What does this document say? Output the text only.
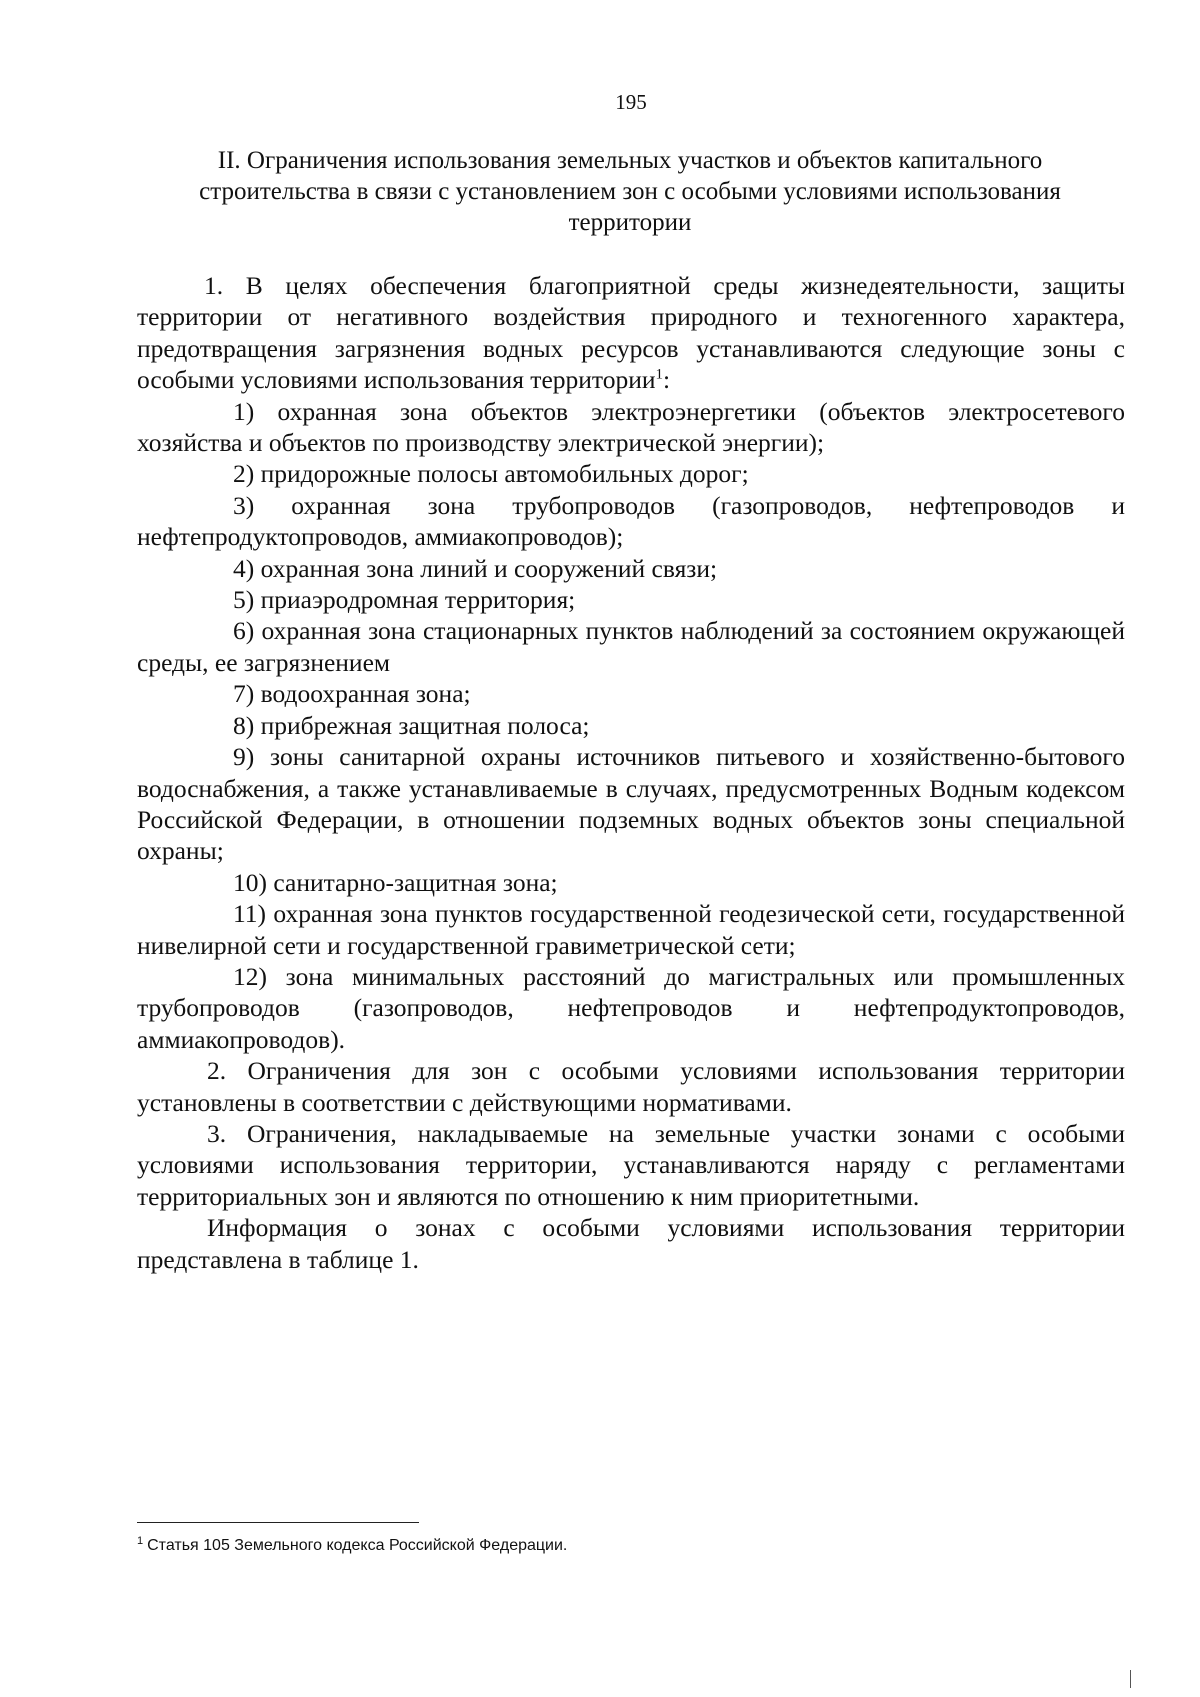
195
II. Ограничения использования земельных участков и объектов капитального строительства в связи с установлением зон с особыми условиями использования территории

1. В целях обеспечения благоприятной среды жизнедеятельности, защиты территории от негативного воздействия природного и техногенного характера, предотвращения загрязнения водных ресурсов устанавливаются следующие зоны с особыми условиями использования территории$^1$:

1) охранная зона объектов электроэнергетики (объектов электросетевого хозяйства и объектов по производству электрической энергии);

2) придорожные полосы автомобильных дорог;

3) охранная зона трубопроводов (газопроводов, нефтепроводов и нефтепродуктопроводов, аммиакопроводов);

4) охранная зона линий и сооружений связи;

5) приаэродромная территория;

6) охранная зона стационарных пунктов наблюдений за состоянием окружающей среды, ее загрязнением

7) водоохранная зона;

8) прибрежная защитная полоса;

9) зоны санитарной охраны источников питьевого и хозяйственно-бытового водоснабжения, а также устанавливаемые в случаях, предусмотренных Водным кодексом Российской Федерации, в отношении подземных водных объектов зоны специальной охраны;

10) санитарно-защитная зона;

11) охранная зона пунктов государственной геодезической сети, государственной нивелирной сети и государственной гравиметрической сети;

12) зона минимальных расстояний до магистральных или промышленных трубопроводов (газопроводов, нефтепроводов и нефтепродуктопроводов, аммиакопроводов).

2. Ограничения для зон с особыми условиями использования территории установлены в соответствии с действующими нормативами.

3. Ограничения, накладываемые на земельные участки зонами с особыми условиями использования территории, устанавливаются наряду с регламентами территориальных зон и являются по отношению к ним приоритетными.

Информация о зонах с особыми условиями использования территории представлена в таблице 1.

$^1$ Статья 105 Земельного кодекса Российской Федерации.
